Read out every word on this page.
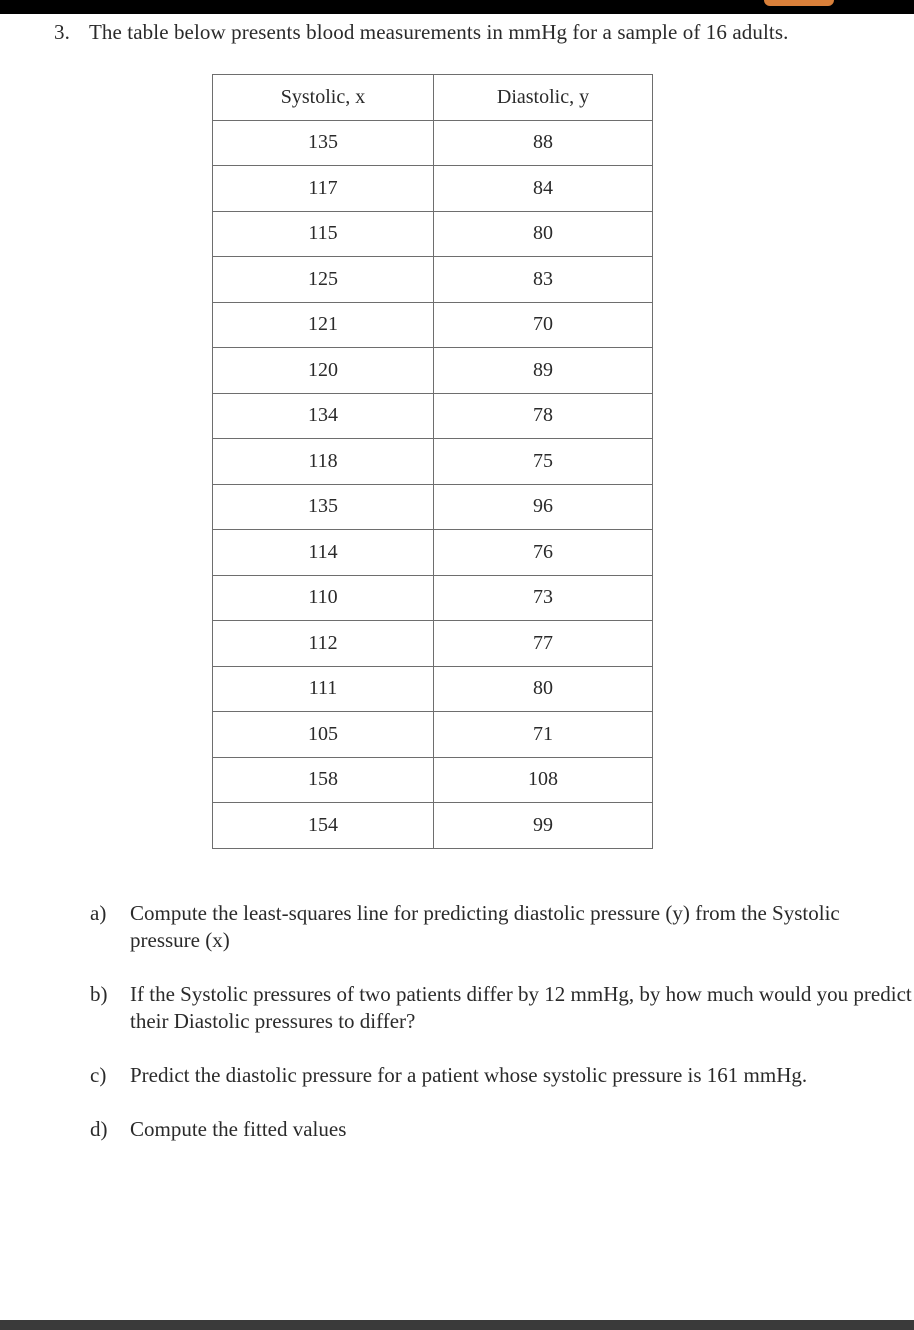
3. The table below presents blood measurements in mmHg for a sample of 16 adults.
Systolic, x	Diastolic, y
135	88
117	84
115	80
125	83
121	70
120	89
134	78
118	75
135	96
114	76
110	73
112	77
111	80
105	71
158	108
154	99
a)	Compute the least-squares line for predicting diastolic pressure (y) from the Systolic pressure (x)
b)	If the Systolic pressures of two patients differ by 12 mmHg, by how much would you predict their Diastolic pressures to differ?
c)	Predict the diastolic pressure for a patient whose systolic pressure is 161 mmHg.
d)	Compute the fitted values
